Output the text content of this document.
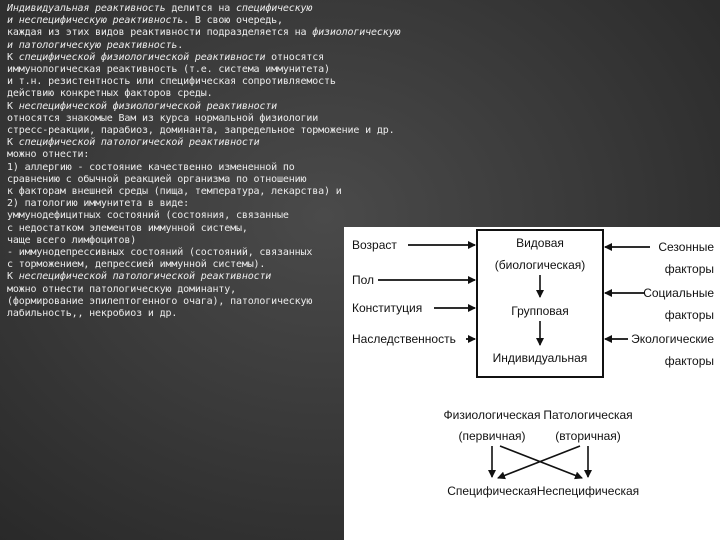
Индивидуальная реактивность делится на специфическую
и неспецифическую реактивность. В свою очередь,
каждая из этих видов реактивности подразделяется на физиологическую
и патологическую реактивность.
К специфической физиологической реактивности относятся
иммунологическая реактивность (т.е. система иммунитета)
и т.н. резистентность или специфическая сопротивляемость
действию конкретных факторов среды.
К неспецифической физиологической реактивности
относятся знакомые Вам из курса нормальной физиологии
стресс-реакции, парабиоз, доминанта, запредельное торможение и др.
К специфической патологической реактивности
можно отнести:
1) аллергию - состояние качественно измененной по
сравнению с обычной реакцией организма по отношению
к факторам внешней среды (пища, температура, лекарства) и
2) патологию иммунитета в виде:
уммунодефицитных состояний (состояния, связанные
с недостатком элементов иммунной системы,
чаще всего лимфоцитов)
- иммунодепрессивных состояний (состояний, связанных
с торможением, депрессией иммунной системы).
К неспецифической патологической реактивности
можно отнести патологическую доминанту,
(формирование эпилептогенного очага), патологическую
лабильность,, некробиоз и др.
Возраст
Пол
Конституция
Наследственность
Видовая
(биологическая)
Групповая
Индивидуальная
Сезонные
факторы
Социальные
факторы
Экологические
факторы
Физиологическая
(первичная)
Патологическая
(вторичная)
Специфическая Неспецифическая
